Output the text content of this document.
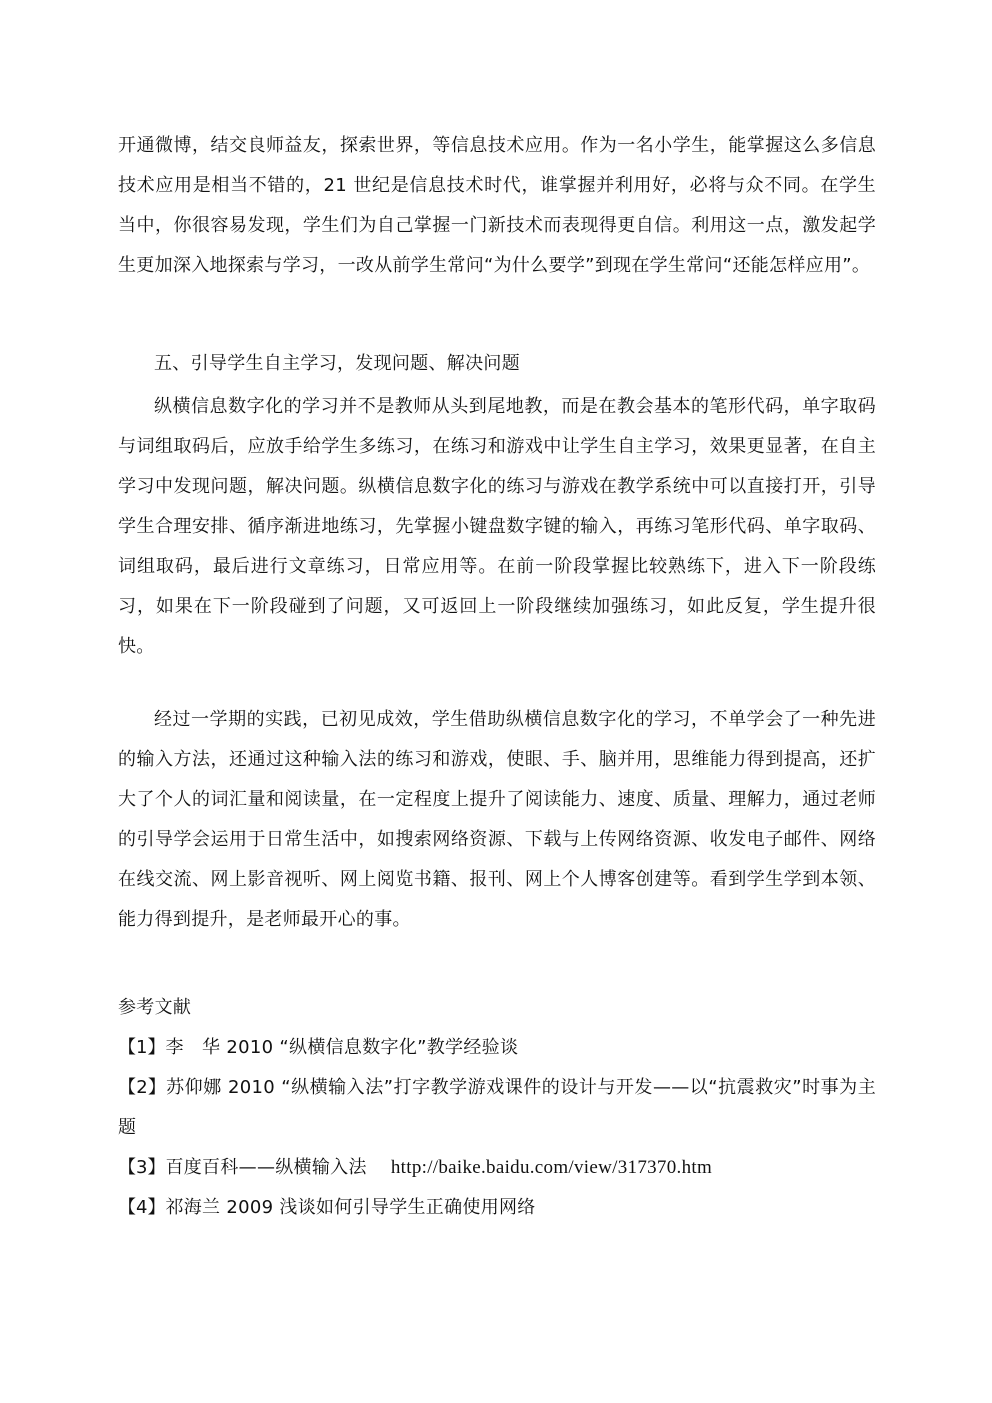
开通微博，结交良师益友，探索世界，等信息技术应用。作为一名小学生，能掌握这么多信息技术应用是相当不错的，21 世纪是信息技术时代，谁掌握并利用好，必将与众不同。在学生当中，你很容易发现，学生们为自己掌握一门新技术而表现得更自信。利用这一点，激发起学生更加深入地探索与学习，一改从前学生常问“为什么要学”到现在学生常问“还能怎样应用”。

五、引导学生自主学习，发现问题、解决问题

纵横信息数字化的学习并不是教师从头到尾地教，而是在教会基本的笔形代码，单字取码与词组取码后，应放手给学生多练习，在练习和游戏中让学生自主学习，效果更显著，在自主学习中发现问题，解决问题。纵横信息数字化的练习与游戏在教学系统中可以直接打开，引导学生合理安排、循序渐进地练习，先掌握小键盘数字键的输入，再练习笔形代码、单字取码、词组取码，最后进行文章练习，日常应用等。在前一阶段掌握比较熟练下，进入下一阶段练习，如果在下一阶段碰到了问题，又可返回上一阶段继续加强练习，如此反复，学生提升很快。

经过一学期的实践，已初见成效，学生借助纵横信息数字化的学习，不单学会了一种先进的输入方法，还通过这种输入法的练习和游戏，使眼、手、脑并用，思维能力得到提高，还扩大了个人的词汇量和阅读量，在一定程度上提升了阅读能力、速度、质量、理解力，通过老师的引导学会运用于日常生活中，如搜索网络资源、下载与上传网络资源、收发电子邮件、网络在线交流、网上影音视听、网上阅览书籍、报刊、网上个人博客创建等。看到学生学到本领、能力得到提升，是老师最开心的事。

参考文献

【1】李　华 2010 “纵横信息数字化”教学经验谈

【2】苏仰娜 2010 “纵横输入法”打字教学游戏课件的设计与开发——以“抗震救灾”时事为主题

【3】百度百科——纵横输入法 http://baike.baidu.com/view/317370.htm

【4】祁海兰 2009 浅谈如何引导学生正确使用网络
